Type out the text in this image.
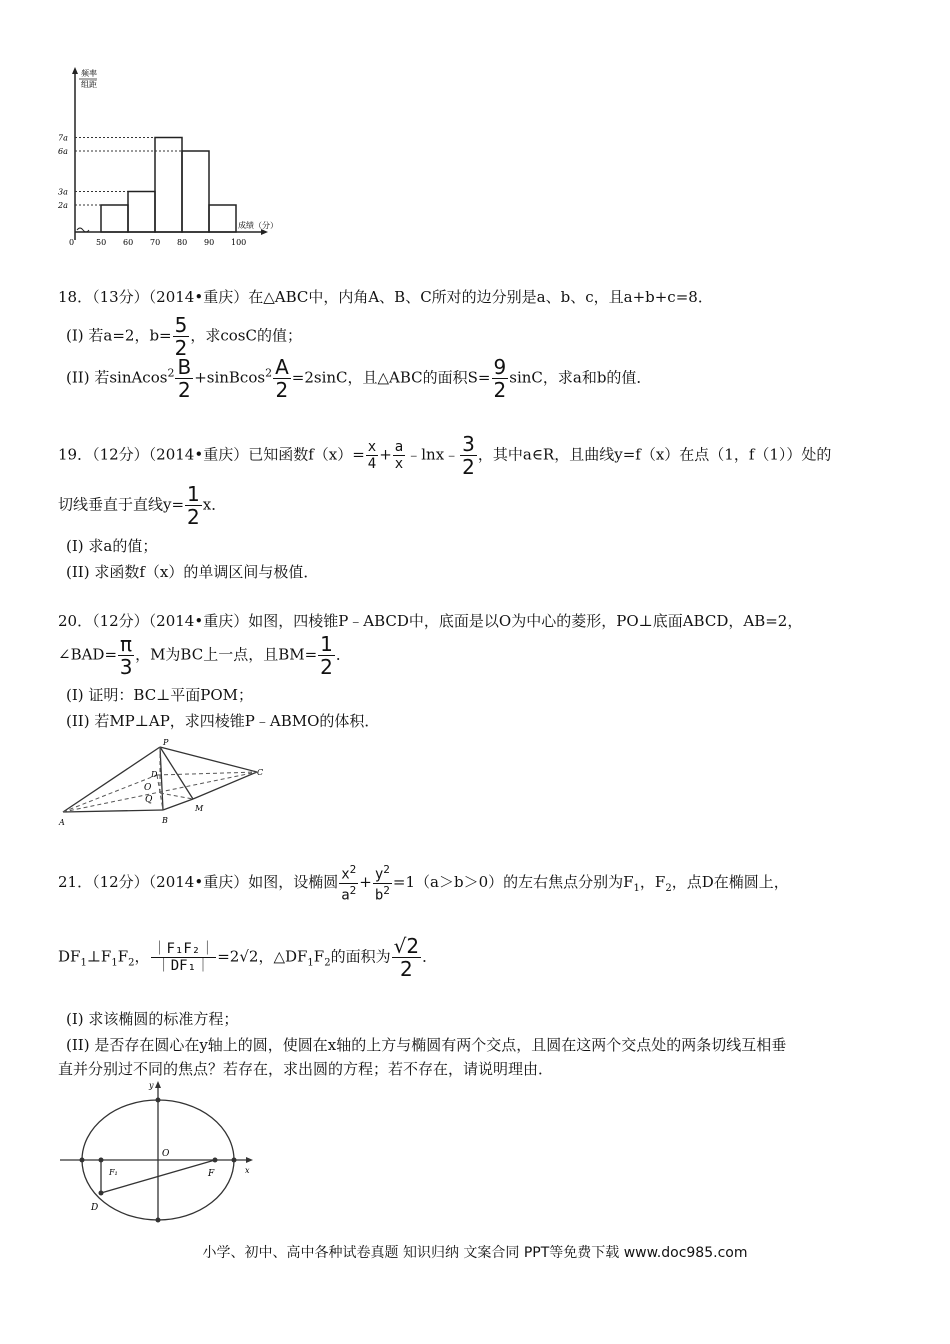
频率
组距
成绩（分）
7a
6a
3a
2a
0	50 60 70 80 90 100
18．（13分）（2014•重庆）在△ABC中，内角A、B、C所对的边分别是a、b、c，且a+b+c=8．
(I) 若a=2，$b= \frac{5}{2}$ ，求cosC的值；
(II) 若sinAcos$^2$ $\frac{B}{2}$ +sinBcos$^2$ $\frac{A}{2} =2\sin C$，且△ABC的面积$S= \frac{9}{2}$ sinC，求a和b的值．
19．（12分）（2014•重庆）已知函数$f(x)= \frac{x}{4} + \frac{a}{x}$ ﹣lnx﹣ $\frac{3}{2}$ ，其中a∈R，且曲线y=f（x）在点（1，f（1））处的
切线垂直于直线$y= \frac{1}{2}$ x．
(I) 求a的值；
(II) 求函数f（x）的单调区间与极值．
20．（12分）（2014•重庆）如图，四棱锥P﹣ABCD中，底面是以O为中心的菱形，PO⊥底面ABCD，AB=2，
∠BAD= $\frac{\pi}{3}$ ，M为BC上一点，且$BM= \frac{1}{2}$ ．
(I) 证明：BC⊥平面POM；
(II) 若MP⊥AP，求四棱锥P﹣ABMO的体积．
P
D
O
Q
A	B
M
C
21．（12分）（2014•重庆）如图，设椭圆 $\frac{x^2}{a^2} + \frac{y^2}{b^2} =1(a>b>0)$的左右焦点分别为$F_1$，$F_2$，点D在椭圆上，
$DF_1\perp F_1F_2$， $\frac{\text{｜F₁F₂｜}}{\text{｜DF₁｜}} =2√2$，$\triangle DF_1F_2$的面积为 $\frac{√2}{2}$ ．
(I) 求该椭圆的标准方程；
(II) 是否存在圆心在y轴上的圆，使圆在x轴的上方与椭圆有两个交点，且圆在这两个交点处的两条切线互相垂
直并分别过不同的焦点？若存在，求出圆的方程；若不存在，请说明理由．
y
x
O
F₁	F
D
小学、初中、高中各种试卷真题 知识归纳 文案合同 PPT等免费下载 www.doc985.com
